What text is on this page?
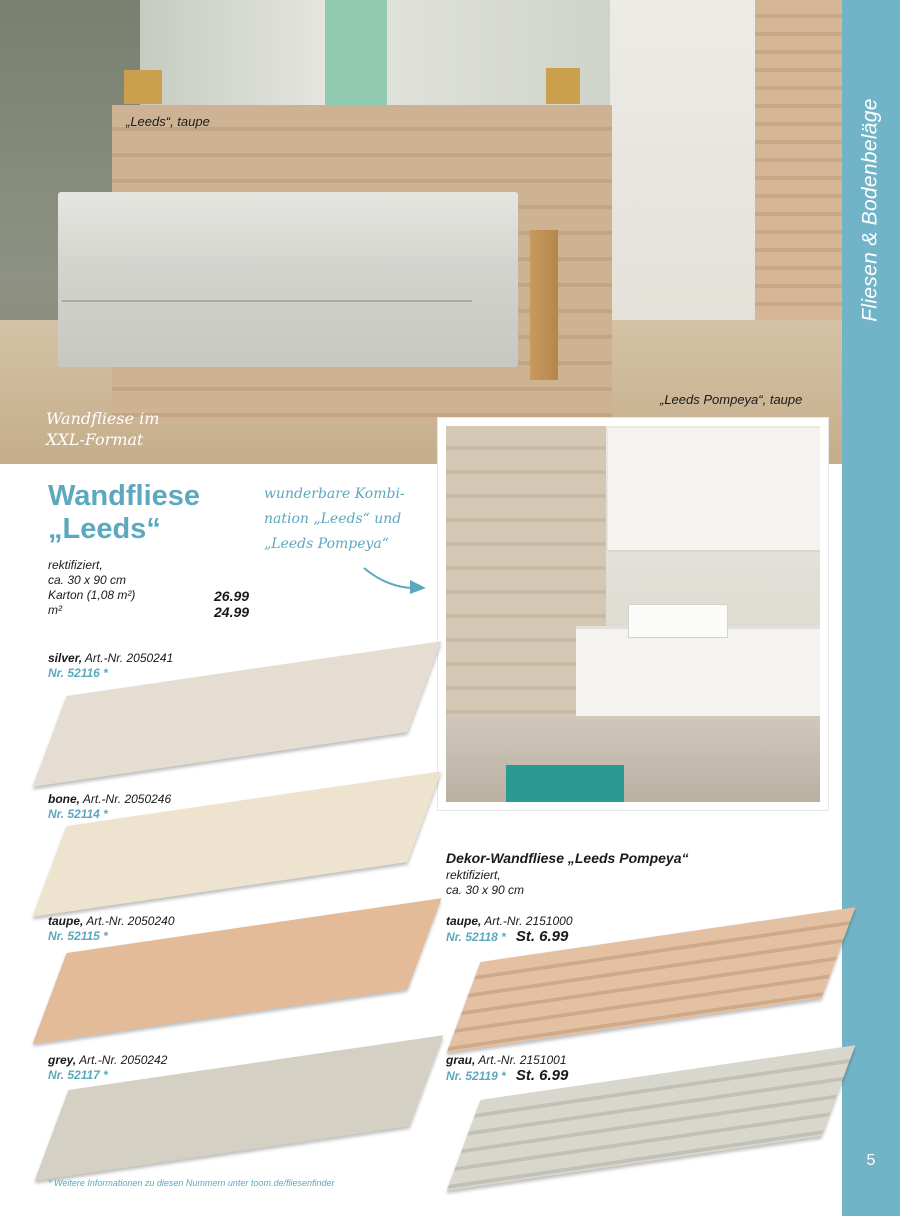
Fliesen & Bodenbeläge
5
„Leeds“, taupe
Wandfliese im
XXL-Format
„Leeds Pompeya“, taupe
Wandfliese
„Leeds“
wunderbare Kombi-
nation „Leeds“ und
„Leeds Pompeya“
rektifiziert,
ca. 30 x 90 cm
Karton (1,08 m²)
m²
26.99
24.99
silver, Art.-Nr. 2050241
Nr. 52116 *
bone, Art.-Nr. 2050246
Nr. 52114 *
taupe, Art.-Nr. 2050240
Nr. 52115 *
grey, Art.-Nr. 2050242
Nr. 52117 *
Dekor-Wandfliese „Leeds Pompeya“
rektifiziert,
ca. 30 x 90 cm
taupe, Art.-Nr. 2151000
Nr. 52118 * St. 6.99
grau, Art.-Nr. 2151001
Nr. 52119 * St. 6.99
* Weitere Informationen zu diesen Nummern unter toom.de/fliesenfinder
